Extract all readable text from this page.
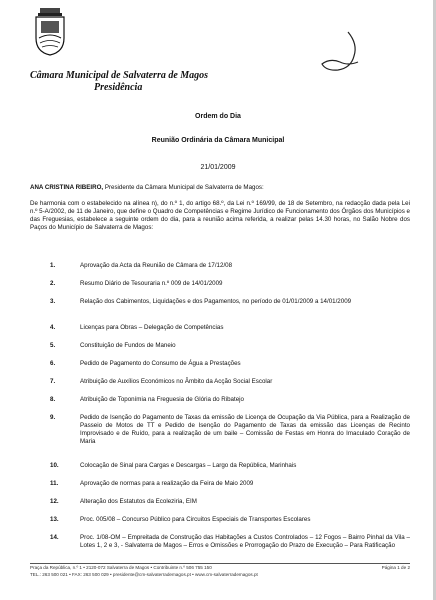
Câmara Municipal de Salvaterra de Magos
Presidência
Ordem do Dia
Reunião Ordinária da Câmara Municipal
21/01/2009
ANA CRISTINA RIBEIRO, Presidente da Câmara Municipal de Salvaterra de Magos:
De harmonia com o estabelecido na alínea n), do n.º 1, do artigo 68.º, da Lei n.º 169/99, de 18 de Setembro, na redacção dada pela Lei n.º 5-A/2002, de 11 de Janeiro, que define o Quadro de Competências e Regime Jurídico de Funcionamento dos Órgãos dos Municípios e das Freguesias, estabelece a seguinte ordem do dia, para a reunião acima referida, a realizar pelas 14.30 horas, no Salão Nobre dos Paços do Município de Salvaterra de Magos:
1.	Aprovação da Acta da Reunião de Câmara de 17/12/08
2.	Resumo Diário de Tesouraria n.º 009 de 14/01/2009
3.	Relação dos Cabimentos, Liquidações e dos Pagamentos, no período de 01/01/2009 a 14/01/2009
4.	Licenças para Obras – Delegação de Competências
5.	Constituição de Fundos de Maneio
6.	Pedido de Pagamento do Consumo de Água a Prestações
7.	Atribuição de Auxílios Económicos no Âmbito da Acção Social Escolar
8.	Atribuição de Toponímia na Freguesia de Glória do Ribatejo
9.	Pedido de Isenção do Pagamento de Taxas da emissão de Licença de Ocupação da Via Pública, para a Realização de Passeio de Motos de TT e Pedido de Isenção do Pagamento de Taxas da emissão das Licenças de Recinto Improvisado e de Ruído, para a realização de um baile – Comissão de Festas em Honra do Imaculado Coração de Maria
10.	Colocação de Sinal para Cargas e Descargas – Largo da República, Marinhais
11.	Aprovação de normas para a realização da Feira de Maio 2009
12.	Alteração dos Estatutos da Ecoleziria, EIM
13.	Proc. 005/08 – Concurso Público para Circuitos Especiais de Transportes Escolares
14.	Proc. 1/08-OM – Empreitada de Construção das Habitações a Custos Controlados – 12 Fogos – Bairro Pinhal da Vila – Lotes 1, 2 e 3, - Salvaterra de Magos – Erros e Omissões e Prorrogação do Prazo de Execução – Para Ratificação
Praça da República, n.º 1 • 2120-072 Salvaterra de Magos • Contribuinte n.º 506 755 150
TEL.: 263 500 021 • FAX: 263 500 029 • presidente@cm-salvaterrademagos.pt • www.cm-salvaterrademagos.pt
Página 1 de 2
